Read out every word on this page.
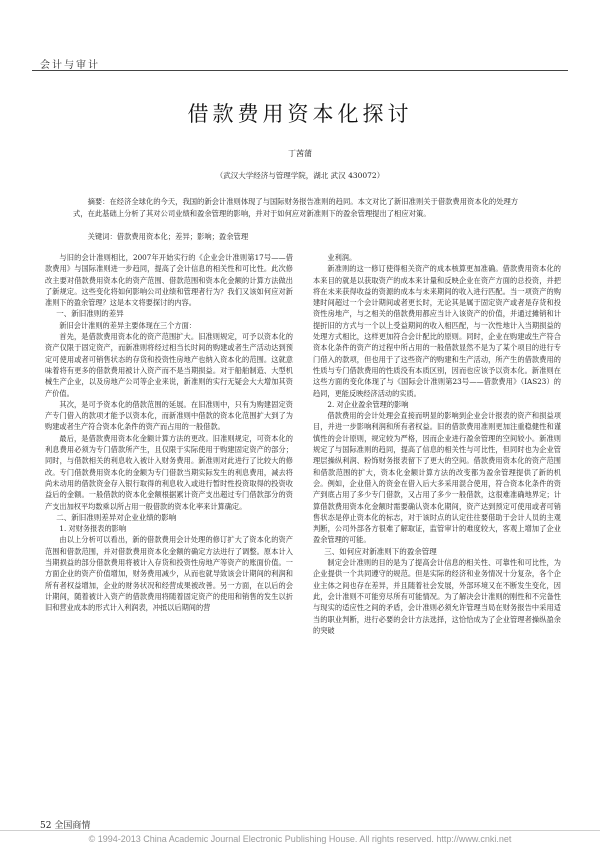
会计与审计
借款费用资本化探讨
丁茜蒲
（武汉大学经济与管理学院，湖北 武汉 430072）
摘要：在经济全球化的今天，我国的新会计准则体现了与国际财务报告准则的趋同。本文对比了新旧准则关于借款费用资本化的处理方式，在此基础上分析了其对公司业绩和盈余管理的影响，并对于如何应对新准则下的盈余管理提出了相应对策。
关键词：借款费用资本化；差异；影响；盈余管理

与旧的会计准则相比，2007年开始实行的《企业会计准则第17号——借款费用》与国际准则进一步趋同，提高了会计信息的相关性和可比性。此次修改主要对借款费用资本化的资产范围、借款范围和资本化金额的计算方法做出了新规定。这些变化将如何影响公司业绩和管理者行为？我们又该如何应对新准则下的盈余管理？这是本文将要探讨的内容。

一、新旧准则的差异

新旧会计准则的差异主要体现在三个方面：

首先，是借款费用资本化的资产范围扩大。旧准则规定，可予以资本化的资产仅限于固定资产，而新准则将经过相当长时间的购建或者生产活动达到预定可使用或者可销售状态的存货和投资性房地产也纳入资本化的范围。这就意味着将有更多的借款费用被计入资产而不是当期损益。对于船舶制造、大型机械生产企业，以及房地产公司等企业来说，新准则的实行无疑会大大增加其资产价值。

其次，是可予资本化的借款范围的延展。在旧准则中，只有为购建固定资产专门借入的款项才能予以资本化，而新准则中借款的资本化范围扩大到了为购建或者生产符合资本化条件的资产而占用的一般借款。

最后，是借款费用资本化金额计算方法的更改。旧准则规定，可资本化的利息费用必须为专门借款所产生，且仅限于实际使用于购建固定资产的部分；同时，与借款相关的利息收入被计入财务费用。新准则对此进行了比较大的修改。专门借款费用资本化的金额为专门借款当期实际发生的利息费用，减去将尚未动用的借款资金存入银行取得的利息收入或进行暂时性投资取得的投资收益后的金额。一般借款的资本化金额根据累计资产支出超过专门借款部分的资产支出加权平均数乘以所占用一般借款的资本化率来计算确定。

二、新旧准则差异对企业业绩的影响

1. 对财务报表的影响

由以上分析可以看出，新的借款费用会计处理的修订扩大了资本化的资产范围和借款范围，并对借款费用资本化金额的确定方法进行了调整。原本计入当期损益的部分借款费用将被计入存货和投资性房地产等资产的账面价值。一方面企业的资产价值增加，财务费用减少，从而也就导致该会计期间的利润和所有者权益增加，企业的财务状况和经营成果被改善。另一方面，在以后的会计期间，随着被计入资产的借款费用将随着固定资产的使用和销售的发生以折旧和营业成本的形式计入利润表，冲抵以后期间的营

业利润。

新准则的这一修订使得相关资产的成本核算更加准确。借款费用资本化的本来目的就是以获取资产的成本来计量和反映企业在资产方面的总投资，并把将在未来获得收益的资源的成本与未来期间的收入进行匹配。当一项资产的购建时间超过一个会计期间或者更长时，无论其是属于固定资产或者是存货和投资性房地产，与之相关的借款费用都应当计入该资产的价值，并通过摊销和计提折旧的方式与一个以上受益期间的收入相匹配，与一次性地计入当期损益的处理方式相比，这样更加符合会计配比的原则。同时，企业在购建或生产符合资本化条件的资产的过程中所占用的一般借款显然不是为了某个项目的进行专门借入的款项，但也用于了这些资产的购建和生产活动，所产生的借款费用的性质与专门借款费用的性质没有本质区别，因而也应该予以资本化。新准则在这些方面的变化体现了与《国际会计准则第23号——借款费用》（IAS23）的趋同，更能反映经济活动的实质。

2. 对企业盈余管理的影响

借款费用的会计处理会直接而明显的影响到企业会计报表的资产和损益项目，并进一步影响利润和所有者权益。旧的借款费用准则更加注重稳健性和谨慎性的会计原则，规定较为严格，因而企业进行盈余管理的空间较小。新准则规定了与国际准则的趋同，提高了信息的相关性与可比性，但同时也为企业管理层操纵利润、粉饰财务报表留下了更大的空间。借款费用资本化的资产范围和借款范围的扩大，资本化金额计算方法的改变都为盈余管理提供了新的机会。例如，企业借入的资金在借入后大多采用混合使用，符合资本化条件的资产到底占用了多少专门借款，又占用了多少一般借款，这很难准确地界定；计算借款费用资本化金额时需要确认资本化期间，资产达到预定可使用或者可销售状态是停止资本化的标志，对于该时点的认定往往要借助于会计人员的主观判断，公司外部各方很难了解取证，监管审计的难度较大，客观上增加了企业盈余管理的可能。

三、如何应对新准则下的盈余管理

制定会计准则的目的是为了提高会计信息的相关性、可靠性和可比性，为企业提供一个共同遵守的规范。但是实际的经济和业务情况十分复杂，各个企业主体之间也存在差异，并且随着社会发展，外部环境又在不断发生变化，因此，会计准则不可能穷尽所有可能情况。为了解决会计准则的刚性和不完备性与现实的适应性之间的矛盾，会计准则必须允许管理当局在财务报告中采用适当的职业判断，进行必要的会计方法选择，这恰恰成为了企业管理者操纵盈余的突破

52 全国商情
© 1994-2013 China Academic Journal Electronic Publishing House. All rights reserved. http://www.cnki.net
